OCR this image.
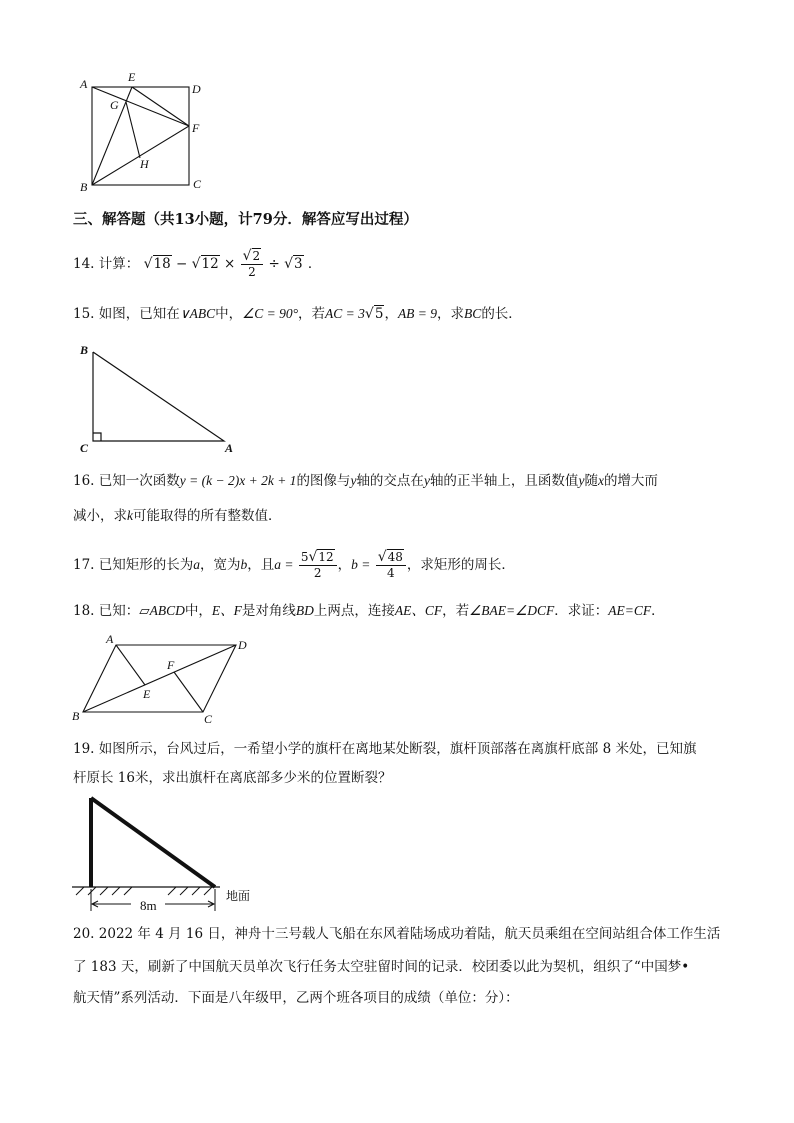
A	E
D
G
F
H
B	C
三、解答题（共13小题，计79分．解答应写出过程）
14. 计算： $√18 - √12 \times \frac{√2}{2} \div √3$ ．
15. 如图，已知在∨ABC中，∠C = 90°，若AC = 3√5，AB = 9，求BC的长．
B
C	A
16. 已知一次函数y = (k − 2)x + 2k + 1的图像与y轴的交点在y轴的正半轴上，且函数值y随x的增大而
减小，求k可能取得的所有整数值．
17. 已知矩形的长为a，宽为b，且$a = \frac{5√12}{2}$ ，$b = \frac{√48}{4}$ ，求矩形的周长．
18. 已知：▱ABCD中，E、F是对角线BD上两点，连接AE、CF，若∠BAE=∠DCF．求证：AE=CF．
A	D
F
E
B	C
19. 如图所示，台风过后，一希望小学的旗杆在离地某处断裂，旗杆顶部落在离旗杆底部 8 米处，已知旗
杆原长 16米，求出旗杆在离底部多少米的位置断裂？
8m
地面
20. 2022 年 4 月 16 日，神舟十三号载人飞船在东风着陆场成功着陆，航天员乘组在空间站组合体工作生活
了 183 天，刷新了中国航天员单次飞行任务太空驻留时间的记录．校团委以此为契机，组织了“中国梦•
航天情”系列活动．下面是八年级甲，乙两个班各项目的成绩（单位：分）：
